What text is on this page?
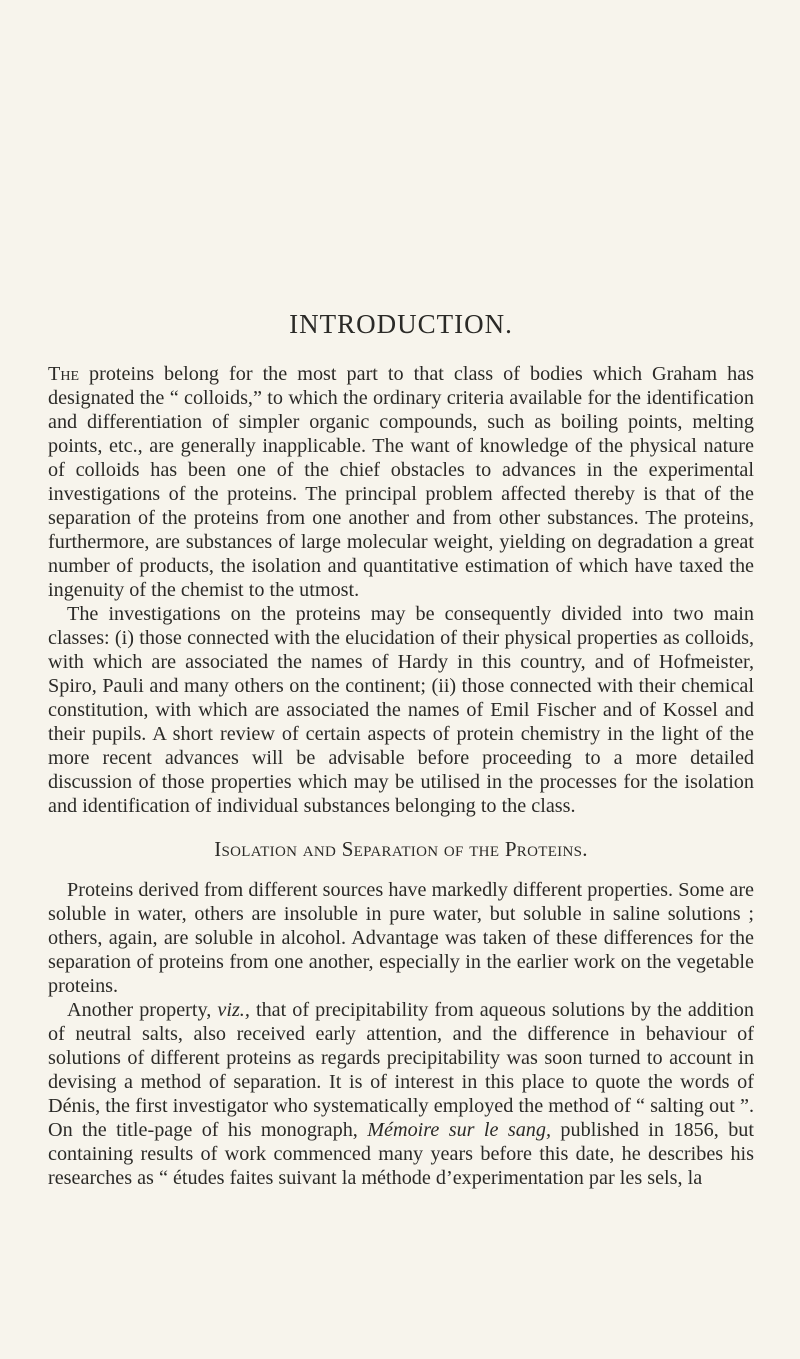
INTRODUCTION.

The proteins belong for the most part to that class of bodies which Graham has designated the “ colloids,” to which the ordinary criteria available for the identification and differentiation of simpler organic compounds, such as boiling points, melting points, etc., are generally inapplicable. The want of knowledge of the physical nature of colloids has been one of the chief obstacles to advances in the experimental investigations of the proteins. The principal problem affected thereby is that of the separation of the proteins from one another and from other substances. The proteins, furthermore, are substances of large molecular weight, yielding on degradation a great number of products, the isolation and quantitative estimation of which have taxed the ingenuity of the chemist to the utmost.

The investigations on the proteins may be consequently divided into two main classes: (i) those connected with the elucidation of their physical properties as colloids, with which are associated the names of Hardy in this country, and of Hofmeister, Spiro, Pauli and many others on the continent; (ii) those connected with their chemical constitution, with which are associated the names of Emil Fischer and of Kossel and their pupils. A short review of certain aspects of protein chemistry in the light of the more recent advances will be advisable before proceeding to a more detailed discussion of those properties which may be utilised in the processes for the isolation and identification of individual substances belonging to the class.

Isolation and Separation of the Proteins.

Proteins derived from different sources have markedly different properties. Some are soluble in water, others are insoluble in pure water, but soluble in saline solutions ; others, again, are soluble in alcohol. Advantage was taken of these differences for the separation of proteins from one another, especially in the earlier work on the vegetable proteins.

Another property, viz., that of precipitability from aqueous solutions by the addition of neutral salts, also received early attention, and the difference in behaviour of solutions of different proteins as regards precipitability was soon turned to account in devising a method of separation. It is of interest in this place to quote the words of Dénis, the first investigator who systematically employed the method of “ salting out ”. On the title-page of his monograph, Mémoire sur le sang, published in 1856, but containing results of work commenced many years before this date, he describes his researches as “ études faites suivant la méthode d’experimentation par les sels, la
